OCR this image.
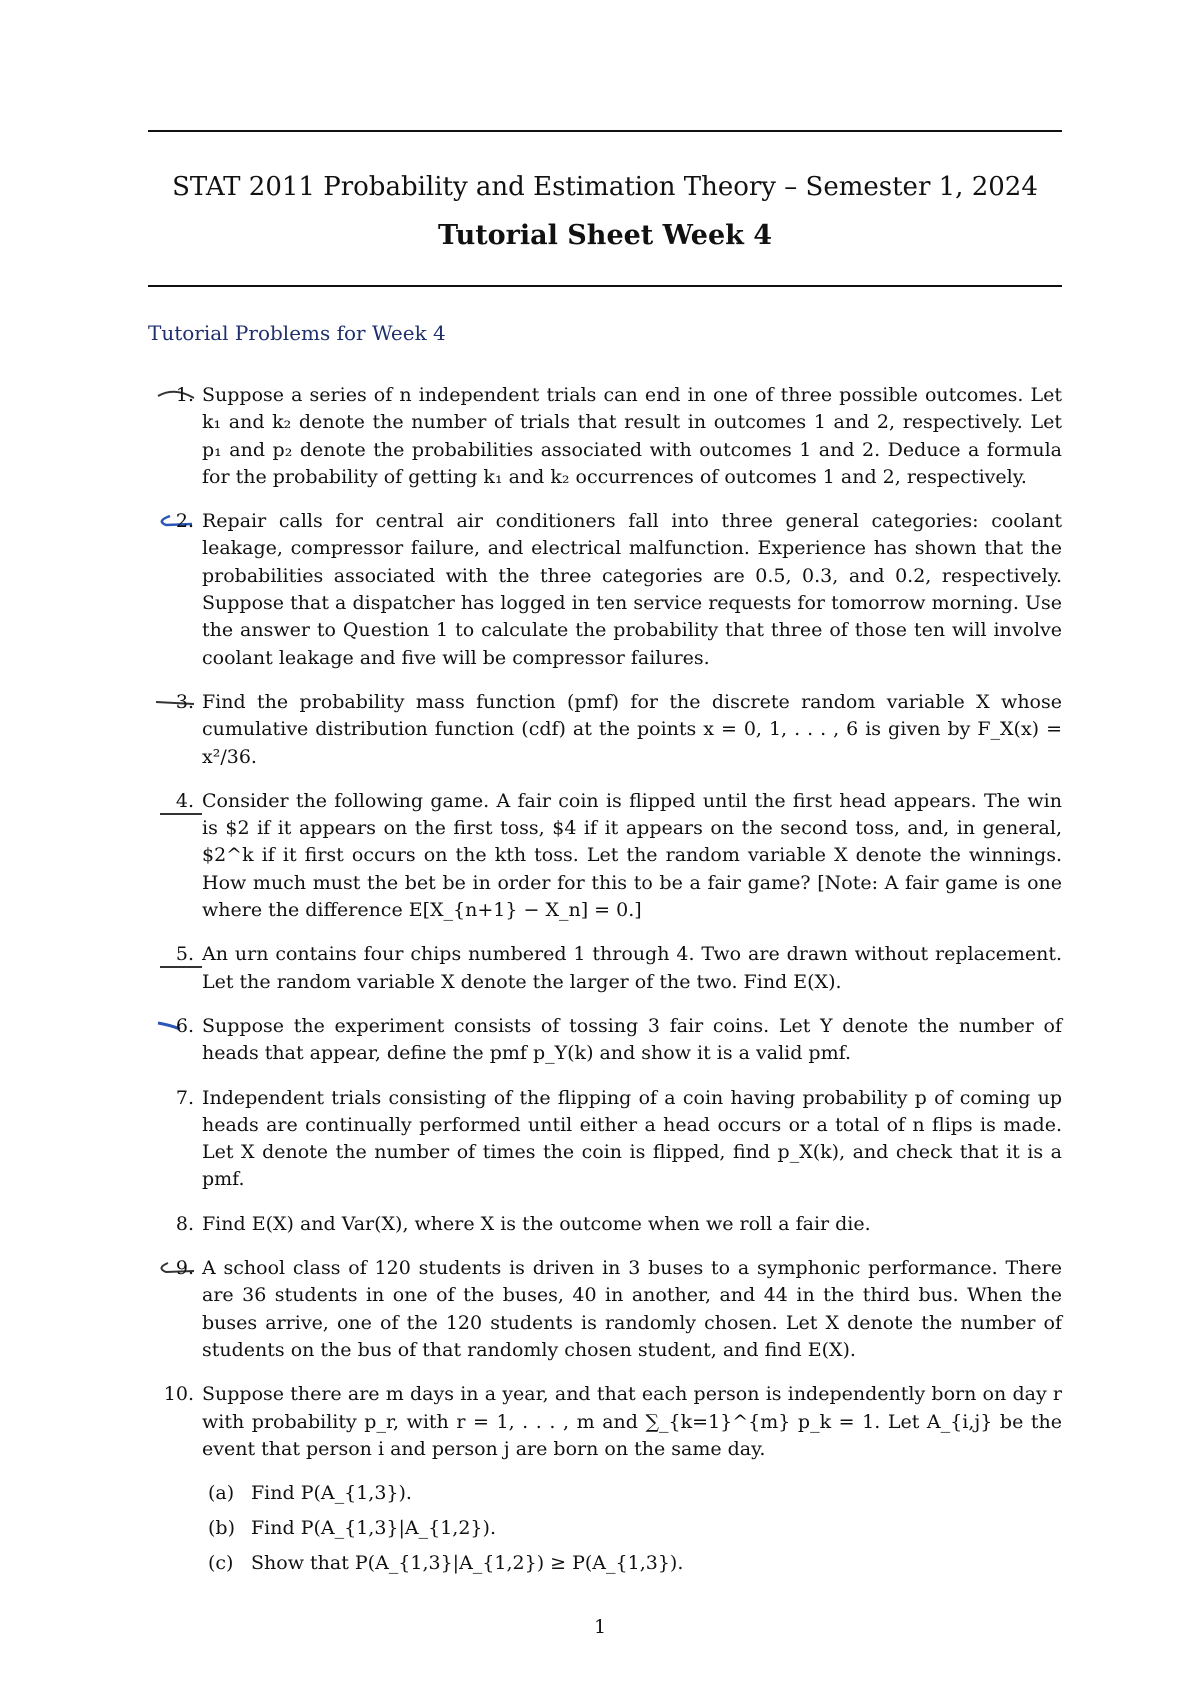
STAT 2011 Probability and Estimation Theory – Semester 1, 2024
Tutorial Sheet Week 4
Tutorial Problems for Week 4
1. Suppose a series of n independent trials can end in one of three possible outcomes. Let k₁ and k₂ denote the number of trials that result in outcomes 1 and 2, respectively. Let p₁ and p₂ denote the probabilities associated with outcomes 1 and 2. Deduce a formula for the probability of getting k₁ and k₂ occurrences of outcomes 1 and 2, respectively.
2. Repair calls for central air conditioners fall into three general categories: coolant leakage, compressor failure, and electrical malfunction. Experience has shown that the probabilities associated with the three categories are 0.5, 0.3, and 0.2, respectively. Suppose that a dispatcher has logged in ten service requests for tomorrow morning. Use the answer to Question 1 to calculate the probability that three of those ten will involve coolant leakage and five will be compressor failures.
3. Find the probability mass function (pmf) for the discrete random variable X whose cumulative distribution function (cdf) at the points x = 0, 1, . . . , 6 is given by F_X(x) = x²/36.
4. Consider the following game. A fair coin is flipped until the first head appears. The win is $2 if it appears on the first toss, $4 if it appears on the second toss, and, in general, $2^k if it first occurs on the kth toss. Let the random variable X denote the winnings. How much must the bet be in order for this to be a fair game? [Note: A fair game is one where the difference E[X_{n+1} − X_n] = 0.]
5. An urn contains four chips numbered 1 through 4. Two are drawn without replacement. Let the random variable X denote the larger of the two. Find E(X).
6. Suppose the experiment consists of tossing 3 fair coins. Let Y denote the number of heads that appear, define the pmf p_Y(k) and show it is a valid pmf.
7. Independent trials consisting of the flipping of a coin having probability p of coming up heads are continually performed until either a head occurs or a total of n flips is made. Let X denote the number of times the coin is flipped, find p_X(k), and check that it is a pmf.
8. Find E(X) and Var(X), where X is the outcome when we roll a fair die.
9. A school class of 120 students is driven in 3 buses to a symphonic performance. There are 36 students in one of the buses, 40 in another, and 44 in the third bus. When the buses arrive, one of the 120 students is randomly chosen. Let X denote the number of students on the bus of that randomly chosen student, and find E(X).
10. Suppose there are m days in a year, and that each person is independently born on day r with probability p_r, with r = 1, . . . , m and ∑_{k=1}^{m} p_k = 1. Let A_{i,j} be the event that person i and person j are born on the same day.
(a) Find P(A_{1,3}).
(b) Find P(A_{1,3}|A_{1,2}).
(c) Show that P(A_{1,3}|A_{1,2}) ≥ P(A_{1,3}).
1
